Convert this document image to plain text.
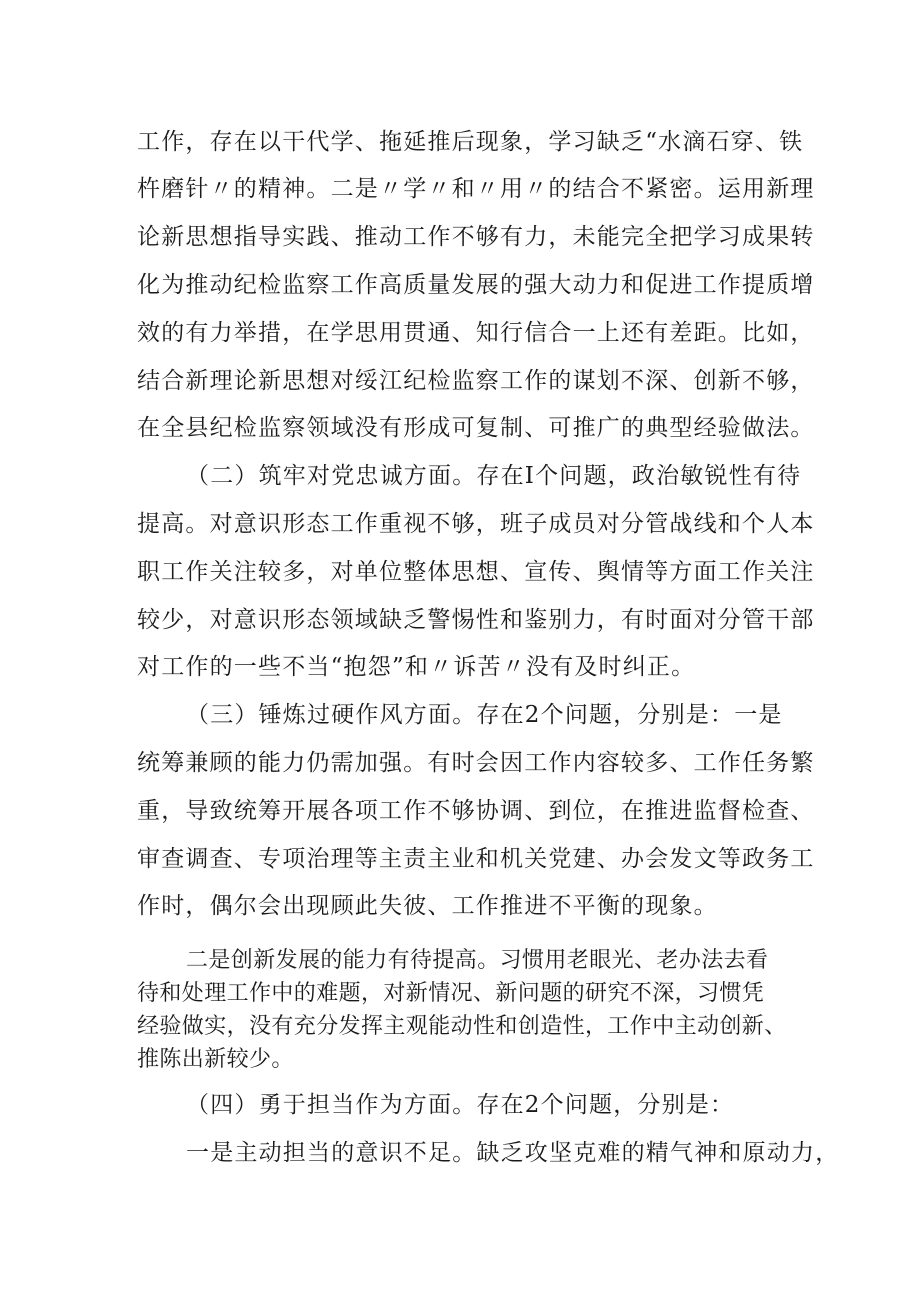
工作，存在以干代学、拖延推后现象，学习缺乏“水滴石穿、铁
杵磨针〃的精神。二是〃学〃和〃用〃的结合不紧密。运用新理
论新思想指导实践、推动工作不够有力，未能完全把学习成果转
化为推动纪检监察工作高质量发展的强大动力和促进工作提质增
效的有力举措，在学思用贯通、知行信合一上还有差距。比如，
结合新理论新思想对绥江纪检监察工作的谋划不深、创新不够，
在全县纪检监察领域没有形成可复制、可推广的典型经验做法。
（二）筑牢对党忠诚方面。存在I个问题，政治敏锐性有待
提高。对意识形态工作重视不够，班子成员对分管战线和个人本
职工作关注较多，对单位整体思想、宣传、舆情等方面工作关注
较少，对意识形态领域缺乏警惕性和鉴别力，有时面对分管干部
对工作的一些不当“抱怨”和〃诉苦〃没有及时纠正。
（三）锤炼过硬作风方面。存在2个问题，分别是：一是
统筹兼顾的能力仍需加强。有时会因工作内容较多、工作任务繁
重，导致统筹开展各项工作不够协调、到位，在推进监督检查、
审查调查、专项治理等主责主业和机关党建、办会发文等政务工
作时，偶尔会出现顾此失彼、工作推进不平衡的现象。
二是创新发展的能力有待提高。习惯用老眼光、老办法去看
待和处理工作中的难题，对新情况、新问题的研究不深，习惯凭
经验做实，没有充分发挥主观能动性和创造性，工作中主动创新、
推陈出新较少。
（四）勇于担当作为方面。存在2个问题，分别是：
一是主动担当的意识不足。缺乏攻坚克难的精气神和原动力，
